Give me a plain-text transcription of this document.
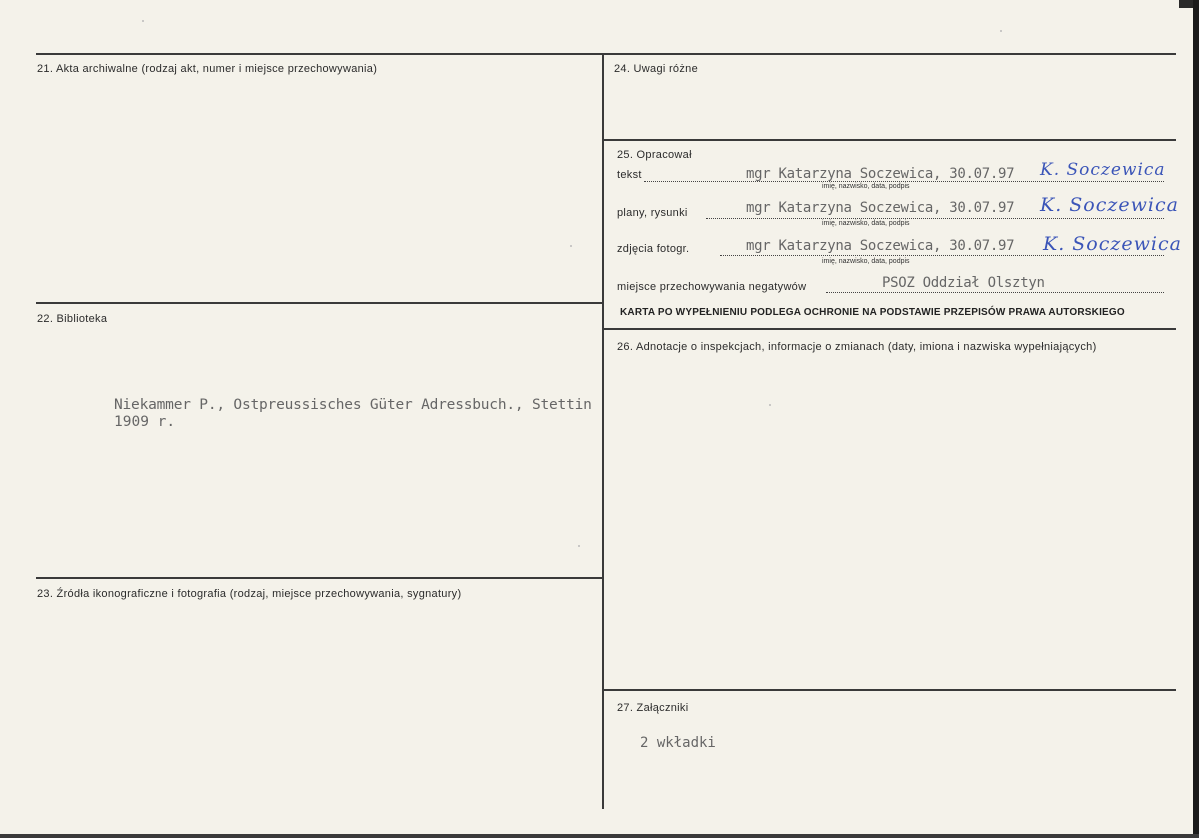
21. Akta archiwalne (rodzaj akt, numer i miejsce przechowywania)
22. Biblioteka
Niekammer P., Ostpreussisches Güter Adressbuch., Stettin
1909 r.
23. Źródła ikonograficzne i fotografia (rodzaj, miejsce przechowywania, sygnatury)
24. Uwagi różne
25. Opracował
tekst	mgr Katarzyna Soczewica, 30.07.97 K. Soczewica
imię, nazwisko, data, podpis
plany, rysunki	mgr Katarzyna Soczewica, 30.07.97 K. Soczewica
imię, nazwisko, data, podpis
zdjęcia fotogr.	mgr Katarzyna Soczewica, 30.07.97 K. Soczewica
imię, nazwisko, data, podpis
miejsce przechowywania negatywów	PSOZ Oddział Olsztyn
KARTA PO WYPEŁNIENIU PODLEGA OCHRONIE NA PODSTAWIE PRZEPISÓW PRAWA AUTORSKIEGO
26. Adnotacje o inspekcjach, informacje o zmianach (daty, imiona i nazwiska wypełniających)
27. Załączniki
2 wkładki
